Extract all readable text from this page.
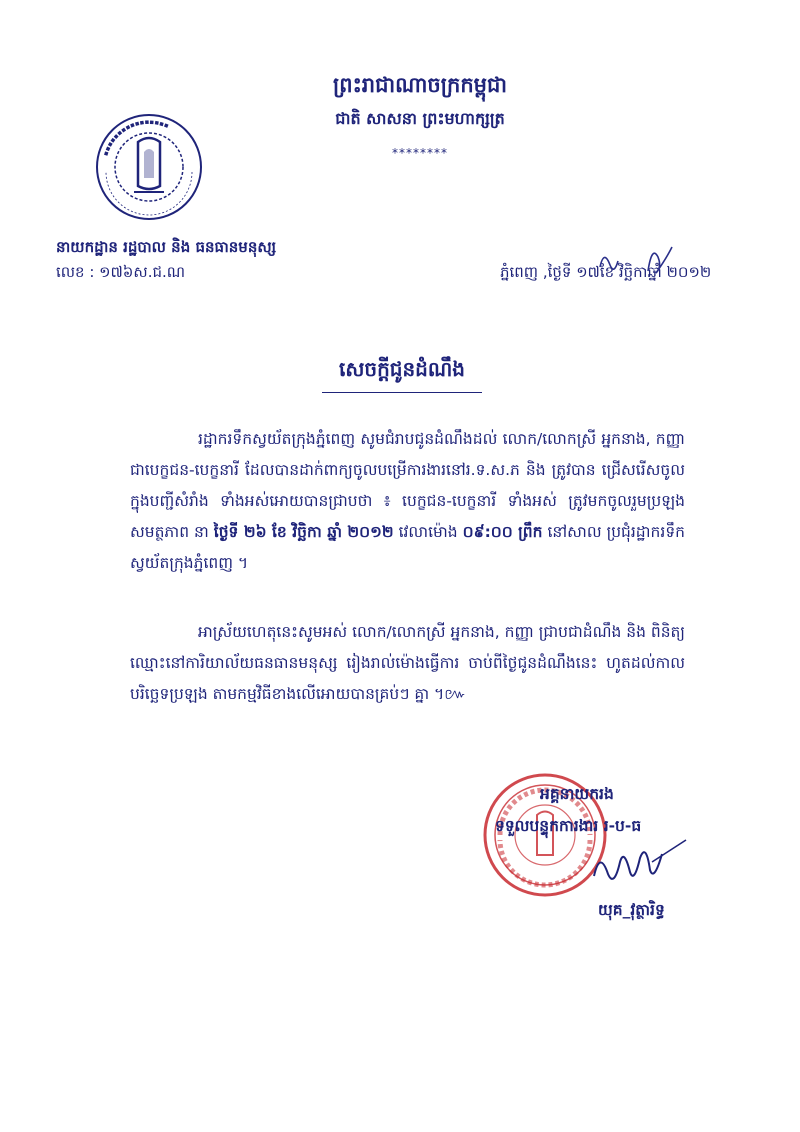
▪▪▪▪▪▪▪▪▪▪▪▪▪▪▪▪
ព្រះរាជាណាចក្រកម្ពុជា
ជាតិ សាសនា ព្រះមហាក្សត្រ
********
នាយកដ្ឋាន រដ្ឋបាល និង ធនធានមនុស្ស
លេខ : ១៧៦ស.ជ.ណ	ភ្នំពេញ ,ថ្ងៃទី ១៧ខែ វិច្ឆិកាឆ្នាំ ២០១២
សេចក្តីជូនដំណឹង

រដ្ឋាករទឹកស្វយ័តក្រុងភ្នំពេញ សូមជំរាបជូនដំណឹងដល់ លោក/លោកស្រី អ្នកនាង, កញ្ញា ជាបេក្ខជន-បេក្ខនារី ដែលបានដាក់ពាក្យចូលបម្រើការងារនៅរ.ទ.ស.ភ និង ត្រូវបាន ជ្រើសរើសចូលក្នុងបញ្ជីសំរាំង ទាំងអស់អោយបានជ្រាបថា ៖ បេក្ខជន-បេក្ខនារី ទាំងអស់ ត្រូវមកចូលរួមប្រឡងសមត្ថភាព នា ថ្ងៃទី ២៦ ខែ វិច្ឆិកា ឆ្នាំ ២០១២ វេលាម៉ោង ០៩:០០ ព្រឹក នៅសាល ប្រជុំរដ្ឋាករទឹកស្វយ័តក្រុងភ្នំពេញ ។

អាស្រ័យហេតុនេះសូមអស់ លោក/លោកស្រី អ្នកនាង, កញ្ញា ជ្រាបជាដំណឹង និង ពិនិត្យឈ្មោះនៅការិយាល័យធនធានមនុស្ស រៀងរាល់ម៉ោងធ្វើការ ចាប់ពីថ្ងៃជូនដំណឹងនេះ ហូតដល់កាលបរិច្ឆេទប្រឡង តាមកម្មវិធីខាងលើអោយបានគ្រប់ៗ គ្នា ។៚

អគ្គនាយករង
ទទួលបន្ទុកការងារ រ-ប-ធ
យុគ_វុត្ថារិទ្ធ
